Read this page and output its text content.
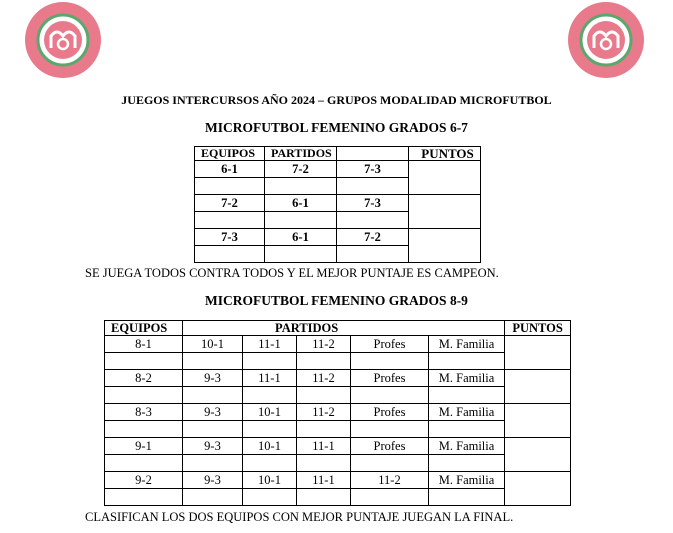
JUEGOS INTERCURSOS AÑO 2024 – GRUPOS MODALIDAD MICROFUTBOL
MICROFUTBOL FEMENINO GRADOS 6-7
EQUIPOS	PARTIDOS		PUNTOS
6-1	7-2	7-3	

7-2	6-1	7-3	

7-3	6-1	7-2	

SE JUEGA TODOS CONTRA TODOS Y EL MEJOR PUNTAJE ES CAMPEON.
MICROFUTBOL FEMENINO GRADOS 8-9
EQUIPOS	PARTIDOS					PUNTOS
8-1	10-1	11-1	11-2	Profes	M. Familia	

8-2	9-3	11-1	11-2	Profes	M. Familia	

8-3	9-3	10-1	11-2	Profes	M. Familia	

9-1	9-3	10-1	11-1	Profes	M. Familia	

9-2	9-3	10-1	11-1	11-2	M. Familia	

CLASIFICAN LOS DOS EQUIPOS CON MEJOR PUNTAJE JUEGAN LA FINAL.
